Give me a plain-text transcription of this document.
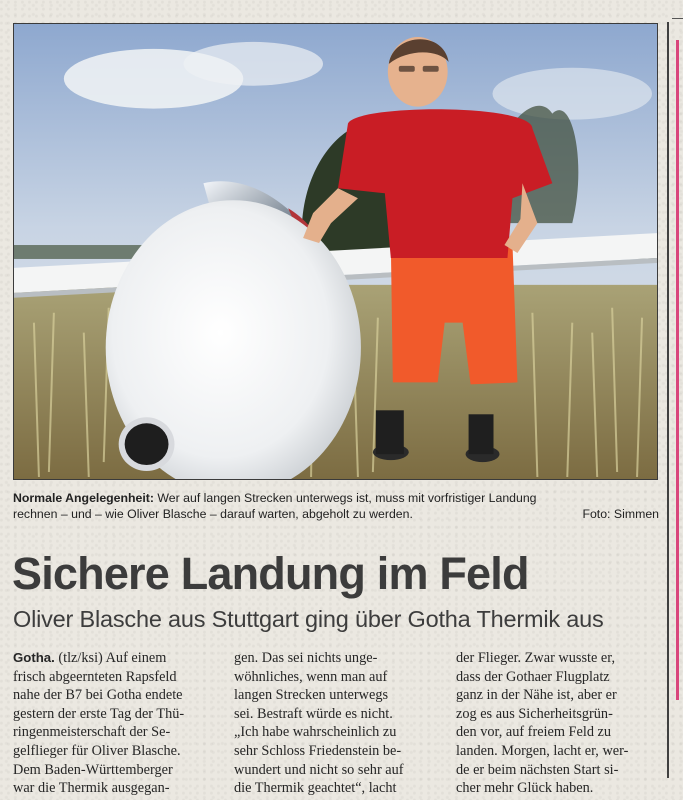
Normale Angelegenheit: Wer auf langen Strecken unterwegs ist, muss mit vorfristiger Landung
rechnen – und – wie Oliver Blasche – darauf warten, abgeholt zu werden.	Foto: Simmen
Sichere Landung im Feld
Oliver Blasche aus Stuttgart ging über Gotha Thermik aus
Gotha. (tlz/ksi) Auf einem
frisch abgeernteten Rapsfeld
nahe der B7 bei Gotha endete
gestern der erste Tag der Thü-
ringenmeisterschaft der Se-
gelflieger für Oliver Blasche.
Dem Baden-Württemberger
war die Thermik ausgegan-
gen. Das sei nichts unge-
wöhnliches, wenn man auf
langen Strecken unterwegs
sei. Bestraft würde es nicht.
„Ich habe wahrscheinlich zu
sehr Schloss Friedenstein be-
wundert und nicht so sehr auf
die Thermik geachtet“, lacht
der Flieger. Zwar wusste er,
dass der Gothaer Flugplatz
ganz in der Nähe ist, aber er
zog es aus Sicherheitsgrün-
den vor, auf freiem Feld zu
landen. Morgen, lacht er, wer-
de er beim nächsten Start si-
cher mehr Glück haben.
